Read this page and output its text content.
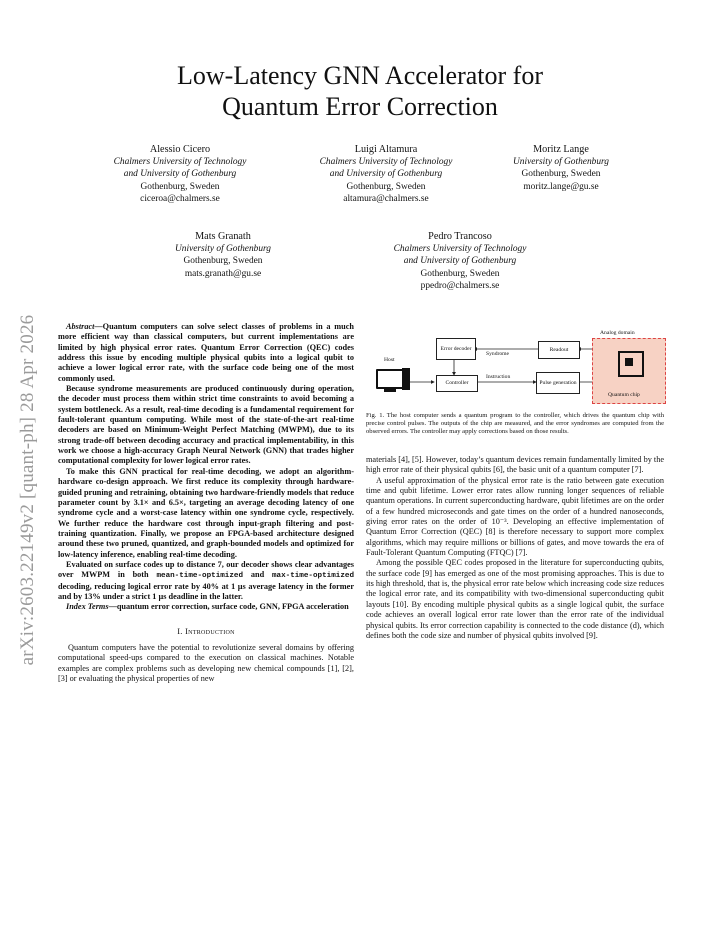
arXiv:2603.22149v2 [quant-ph] 28 Apr 2026
Low-Latency GNN Accelerator for
Quantum Error Correction
Alessio Cicero
Chalmers University of Technology
and University of Gothenburg
Gothenburg, Sweden
ciceroa@chalmers.se
Luigi Altamura
Chalmers University of Technology
and University of Gothenburg
Gothenburg, Sweden
altamura@chalmers.se
Moritz Lange
University of Gothenburg
Gothenburg, Sweden
moritz.lange@gu.se
Mats Granath
University of Gothenburg
Gothenburg, Sweden
mats.granath@gu.se
Pedro Trancoso
Chalmers University of Technology
and University of Gothenburg
Gothenburg, Sweden
ppedro@chalmers.se

Abstract—Quantum computers can solve select classes of problems in a much more efficient way than classical computers, but current implementations are limited by high physical error rates. Quantum Error Correction (QEC) codes address this issue by encoding multiple physical qubits into a logical qubit to achieve a lower logical error rate, with the surface code being one of the most commonly used.

Because syndrome measurements are produced continuously during operation, the decoder must process them within strict time constraints to avoid becoming a system bottleneck. As a result, real-time decoding is a fundamental requirement for fault-tolerant quantum computing. While most of the state-of-the-art real-time decoders are based on Minimum-Weight Perfect Matching (MWPM), due to its strong trade-off between decoding accuracy and practical implementability, in this work we choose a high-accuracy Graph Neural Network (GNN) that trades higher computational complexity for lower logical error rates.

To make this GNN practical for real-time decoding, we adopt an algorithm-hardware co-design approach. We first reduce its complexity through hardware-guided pruning and retraining, obtaining two hardware-friendly models that reduce parameter count by 3.1× and 6.5×, targeting an average decoding latency of one syndrome cycle and a worst-case latency within one syndrome cycle, respectively. We further reduce the hardware cost through input-graph filtering and post-training quantization. Finally, we propose an FPGA-based architecture designed around these two pruned, quantized, and graph-bounded models and optimized for low-latency inference, enabling real-time decoding.

Evaluated on surface codes up to distance 7, our decoder shows clear advantages over MWPM in both mean-time-optimized and max-time-optimized decoding, reducing logical error rate by 40% at 1 µs average latency in the former and by 13% under a strict 1 µs deadline in the latter.

Index Terms—quantum error correction, surface code, GNN, FPGA acceleration

I. Introduction

Quantum computers have the potential to revolutionize several domains by offering computational speed-ups compared to the execution on classical machines. Notable examples are complex problems such as developing new chemical compounds [1], [2], [3] or evaluating the physical properties of new

Analog domain
Host
Error decoder
Syndrome
Readout
Controller
Instruction
Pulse generation
Quantum chip
Fig. 1. The host computer sends a quantum program to the controller, which drives the quantum chip with precise control pulses. The outputs of the chip are measured, and the error syndromes are computed from the observed errors. The controller may apply corrections based on those results.

materials [4], [5]. However, today’s quantum devices remain fundamentally limited by the high error rate of their physical qubits [6], the basic unit of a quantum computer [7].

A useful approximation of the physical error rate is the ratio between gate execution time and qubit lifetime. Lower error rates allow running longer sequences of reliable quantum operations. In current superconducting hardware, qubit lifetimes are on the order of a few hundred microseconds and gate times on the order of a hundred nanoseconds, giving error rates on the order of 10⁻³. Developing an effective implementation of Quantum Error Correction (QEC) [8] is therefore necessary to support more complex algorithms, which may require millions or billions of gates, and move towards the era of Fault-Tolerant Quantum Computing (FTQC) [7].

Among the possible QEC codes proposed in the literature for superconducting qubits, the surface code [9] has emerged as one of the most promising approaches. This is due to its high threshold, that is, the physical error rate below which increasing code size reduces the logical error rate, and its compatibility with two-dimensional superconducting qubit layouts [10]. By encoding multiple physical qubits as a single logical qubit, the surface code achieves an overall logical error rate lower than the error rate of the individual physical qubits. Its error correction capability is connected to the code distance (d), which defines both the code size and number of physical qubits involved [9].
